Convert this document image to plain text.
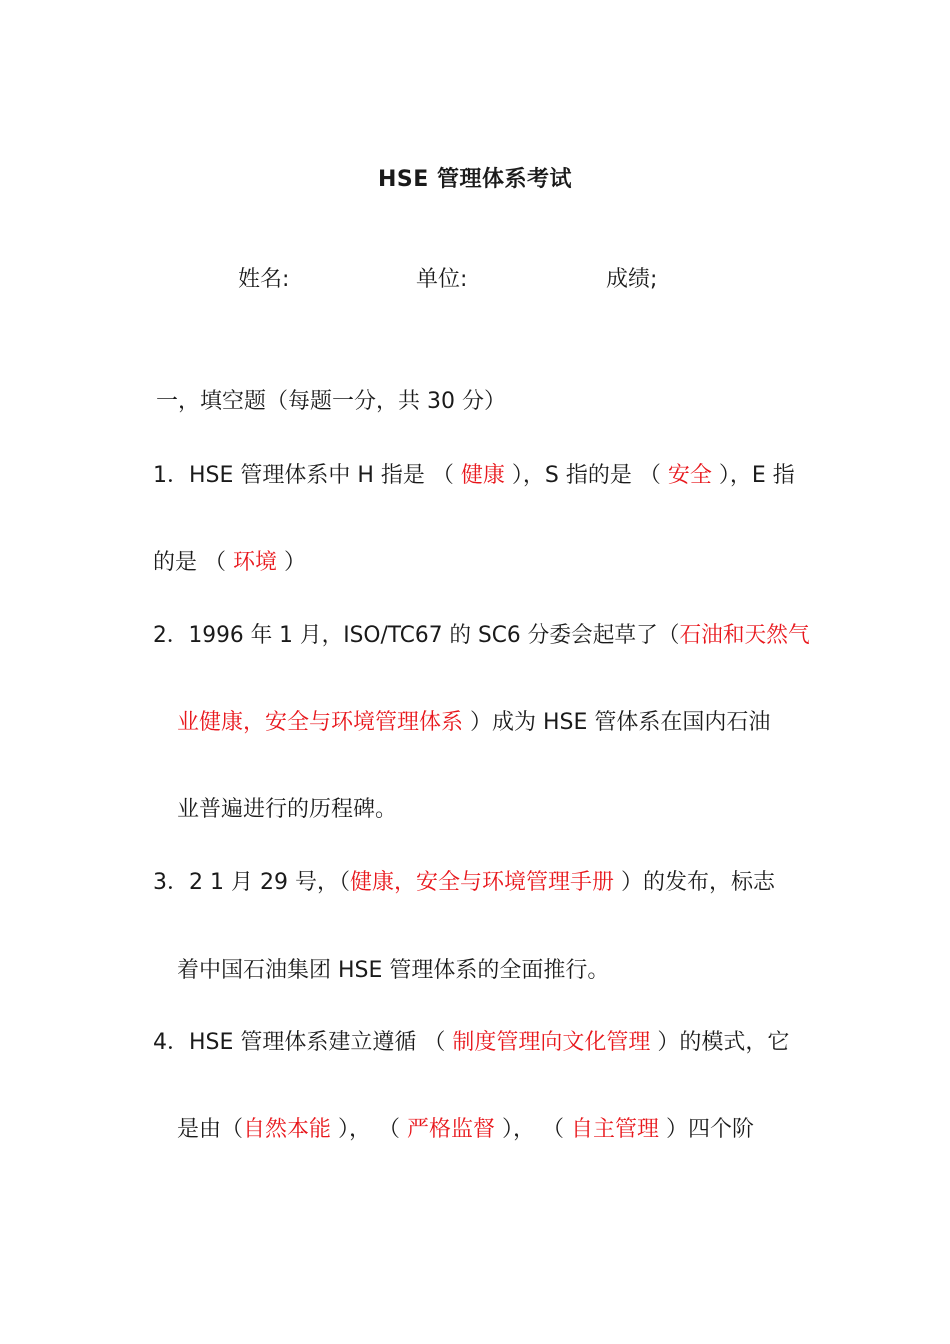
HSE 管理体系考试
姓名:	单位:	成绩;
一，填空题（每题一分，共 30 分）
1．HSE 管理体系中 H 指是 （ 健康 ），S 指的是 （ 安全 ），E 指
的是 （ 环境 ）
2．1996 年 1 月，ISO/TC67 的 SC6 分委会起草了（石油和天然气
业健康，安全与环境管理体系 ）成为 HSE 管体系在国内石油
业普遍进行的历程碑。
3．2 1 月 29 号，（健康，安全与环境管理手册 ）的发布，标志
着中国石油集团 HSE 管理体系的全面推行。
4．HSE 管理体系建立遵循 （ 制度管理向文化管理 ）的模式，它
是由（自然本能 ）， （ 严格监督 ）， （ 自主管理 ）四个阶
